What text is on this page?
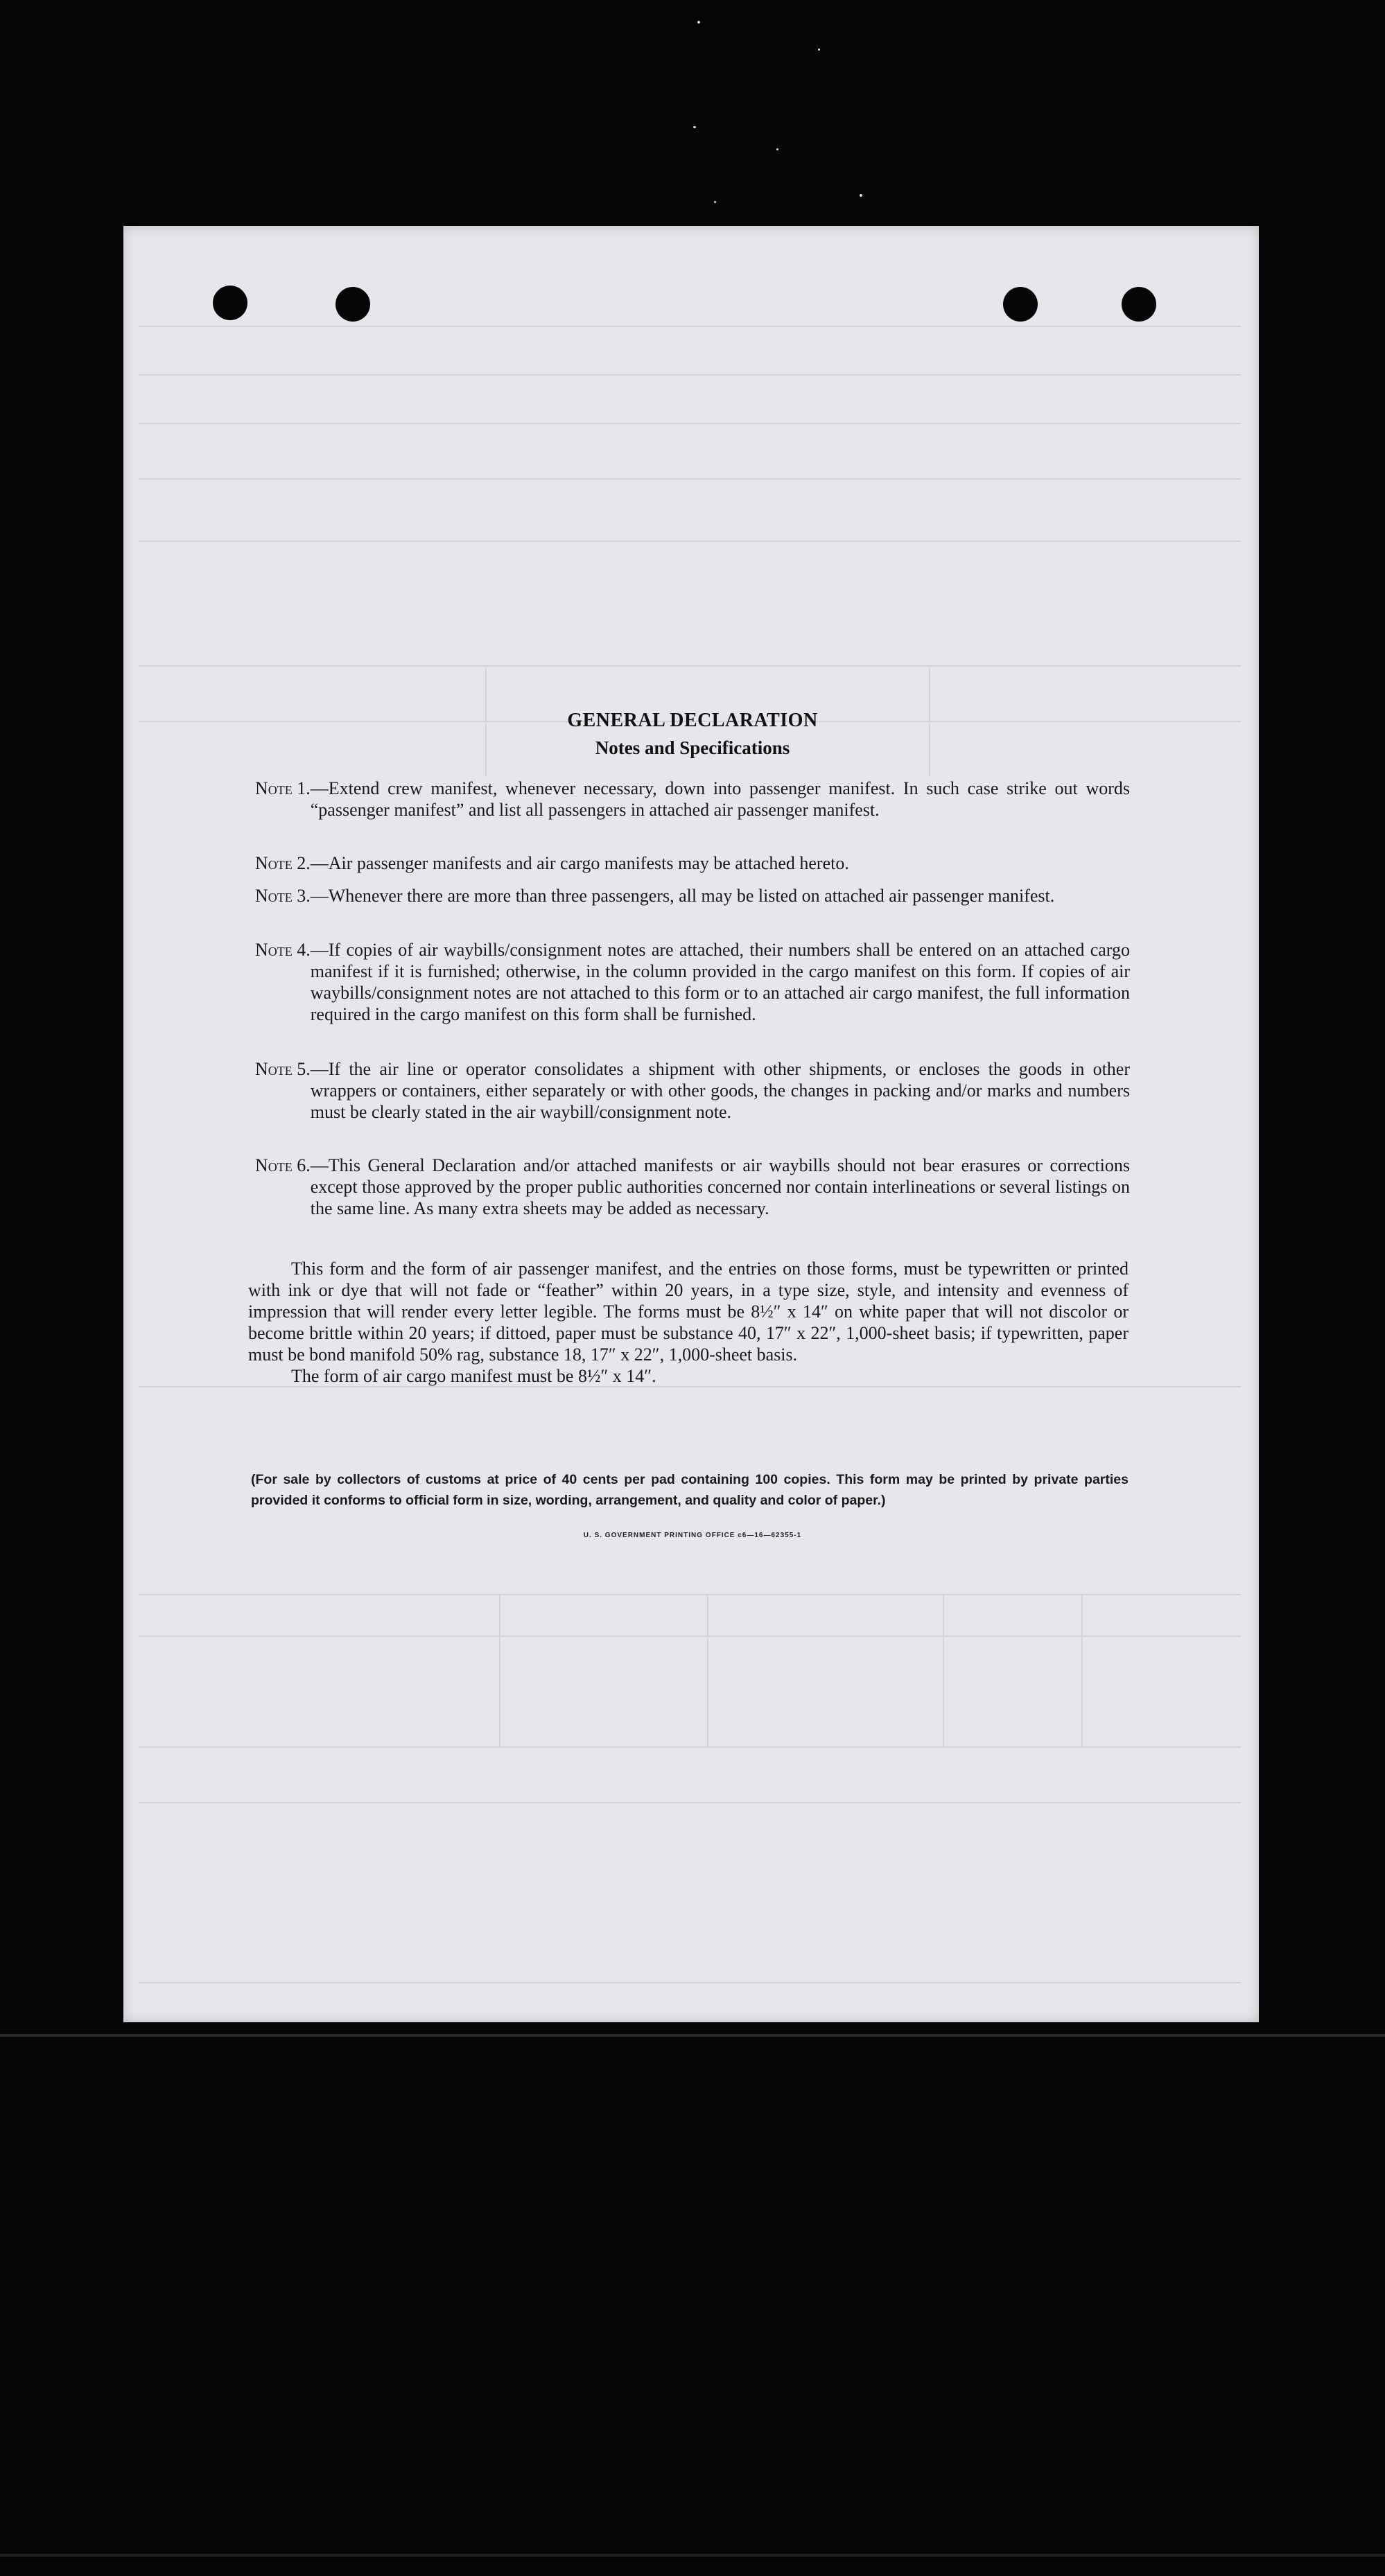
GENERAL DECLARATION
Notes and Specifications
Note 1. —Extend crew manifest, whenever necessary, down into passenger manifest. In such case strike out words “passenger manifest” and list all passengers in attached air passenger manifest.
Note 2. —Air passenger manifests and air cargo manifests may be attached hereto.
Note 3. —Whenever there are more than three passengers, all may be listed on attached air passenger manifest.
Note 4. —If copies of air waybills/consignment notes are attached, their numbers shall be entered on an attached cargo manifest if it is furnished; otherwise, in the column provided in the cargo manifest on this form. If copies of air waybills/consignment notes are not attached to this form or to an attached air cargo manifest, the full information required in the cargo manifest on this form shall be furnished.
Note 5. —If the air line or operator consolidates a shipment with other shipments, or encloses the goods in other wrappers or containers, either separately or with other goods, the changes in packing and/or marks and numbers must be clearly stated in the air waybill/consignment note.
Note 6. —This General Declaration and/or attached manifests or air waybills should not bear erasures or corrections except those approved by the proper public authorities concerned nor contain interlineations or several listings on the same line. As many extra sheets may be added as necessary.

This form and the form of air passenger manifest, and the entries on those forms, must be typewritten or printed with ink or dye that will not fade or “feather” within 20 years, in a type size, style, and intensity and evenness of impression that will render every letter legible. The forms must be 8½″ x 14″ on white paper that will not discolor or become brittle within 20 years; if dittoed, paper must be substance 40, 17″ x 22″, 1,000-sheet basis; if typewritten, paper must be bond manifold 50% rag, substance 18, 17″ x 22″, 1,000-sheet basis.

The form of air cargo manifest must be 8½″ x 14″.

(For sale by collectors of customs at price of 40 cents per pad containing 100 copies. This form may be printed by private parties provided it conforms to official form in size, wording, arrangement, and quality and color of paper.)
U. S. GOVERNMENT PRINTING OFFICE c6—16—62355-1
